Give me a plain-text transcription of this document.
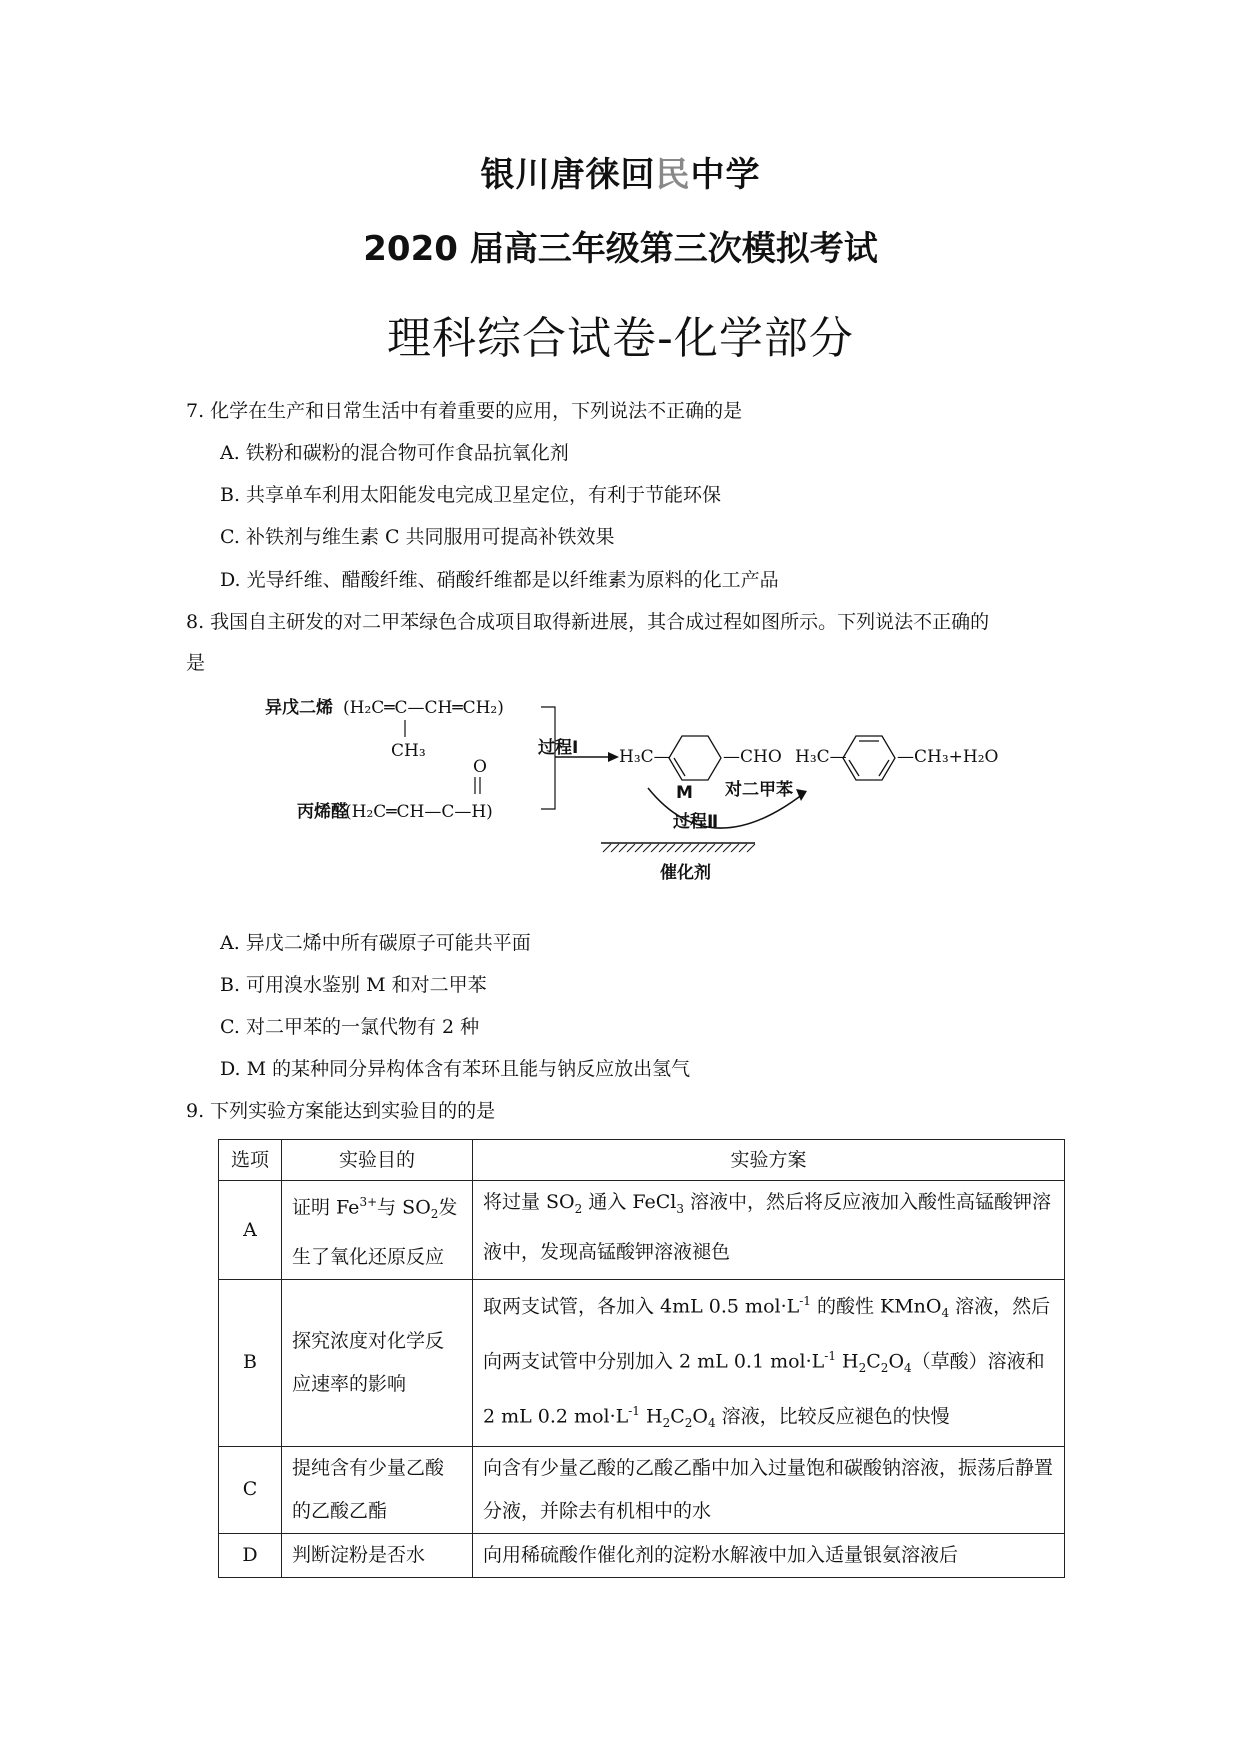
银川唐徕回民中学
2020 届高三年级第三次模拟考试
理科综合试卷-化学部分
7. 化学在生产和日常生活中有着重要的应用，下列说法不正确的是
A. 铁粉和碳粉的混合物可作食品抗氧化剂
B. 共享单车利用太阳能发电完成卫星定位，有利于节能环保
C. 补铁剂与维生素 C 共同服用可提高补铁效果
D. 光导纤维、醋酸纤维、硝酸纤维都是以纤维素为原料的化工产品
8. 我国自主研发的对二甲苯绿色合成项目取得新进展，其合成过程如图所示。下列说法不正确的
是
异戊二烯 (H₂C═C—CH═CH₂)
CH₃
O
丙烯醛
(H₂C═CH—C—H)
过程Ⅰ H₃C—	—CHO
M
H₃C—	—CH₃+H₂O
对二甲苯
过程Ⅱ
催化剂
A. 异戊二烯中所有碳原子可能共平面
B. 可用溴水鉴别 M 和对二甲苯
C. 对二甲苯的一氯代物有 2 种
D. M 的某种同分异构体含有苯环且能与钠反应放出氢气
9. 下列实验方案能达到实验目的的是
选项	实验目的	实验方案
A	证明 $Fe^{3+}$与 $SO_2$发生了氧化还原反应	将过量 $SO_2$ 通入 FeCl$_3$ 溶液中，然后将反应液加入酸性高锰酸钾溶液中，发现高锰酸钾溶液褪色
B	探究浓度对化学反应速率的影响	取两支试管，各加入 4mL 0.5 $mol\cdot L^{-1}$ 的酸性 KMnO$_4$ 溶液，然后向两支试管中分别加入 2 mL 0.1 $mol\cdot L^{-1}$ $H_2C_2O_4$（草酸）溶液和 2 mL 0.2 $mol\cdot L^{-1}$ $H_2C_2O_4$ 溶液，比较反应褪色的快慢
C	提纯含有少量乙酸的乙酸乙酯	向含有少量乙酸的乙酸乙酯中加入过量饱和碳酸钠溶液，振荡后静置分液，并除去有机相中的水
D	判断淀粉是否水	向用稀硫酸作催化剂的淀粉水解液中加入适量银氨溶液后
